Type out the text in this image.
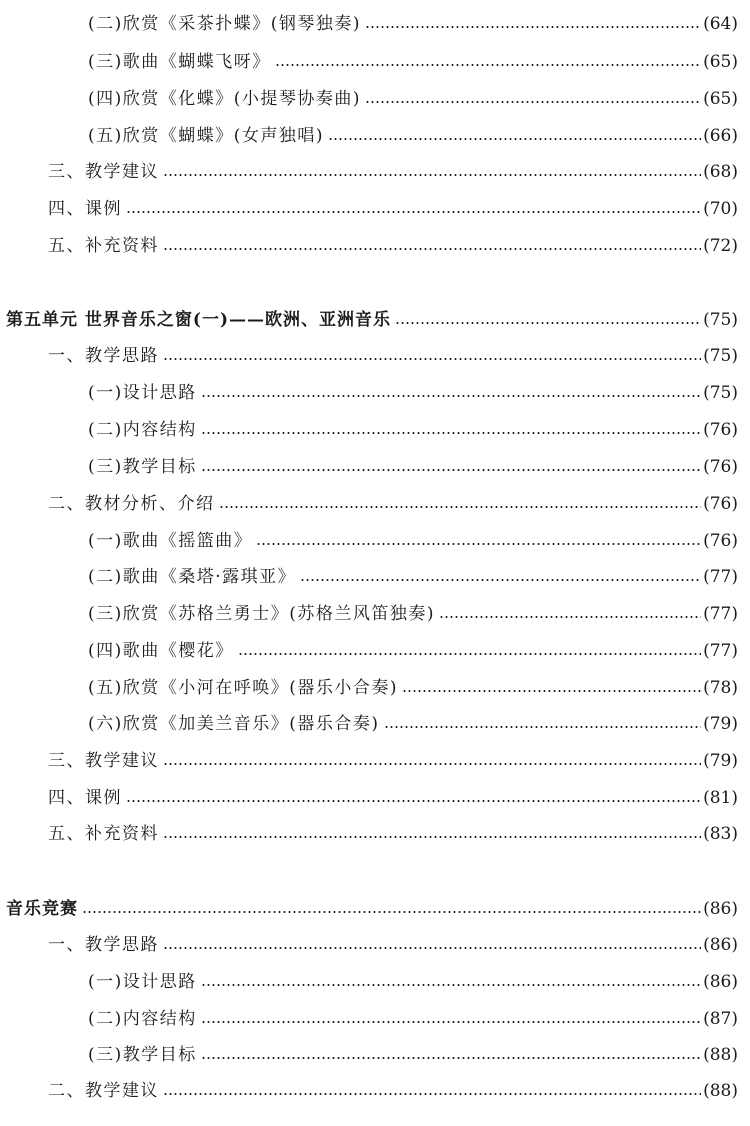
(二)欣赏《采茶扑蝶》(钢琴独奏)	(64)
(三)歌曲《蝴蝶飞呀》	(65)
(四)欣赏《化蝶》(小提琴协奏曲)	(65)
(五)欣赏《蝴蝶》(女声独唱)	(66)
三、教学建议	(68)
四、课例	(70)
五、补充资料	(72)
第五单元 世界音乐之窗(一)——欧洲、亚洲音乐	(75)
一、教学思路	(75)
(一)设计思路	(75)
(二)内容结构	(76)
(三)教学目标	(76)
二、教材分析、介绍	(76)
(一)歌曲《摇篮曲》	(76)
(二)歌曲《桑塔·露琪亚》	(77)
(三)欣赏《苏格兰勇士》(苏格兰风笛独奏)	(77)
(四)歌曲《樱花》	(77)
(五)欣赏《小河在呼唤》(器乐小合奏)	(78)
(六)欣赏《加美兰音乐》(器乐合奏)	(79)
三、教学建议	(79)
四、课例	(81)
五、补充资料	(83)
音乐竞赛	(86)
一、教学思路	(86)
(一)设计思路	(86)
(二)内容结构	(87)
(三)教学目标	(88)
二、教学建议	(88)
